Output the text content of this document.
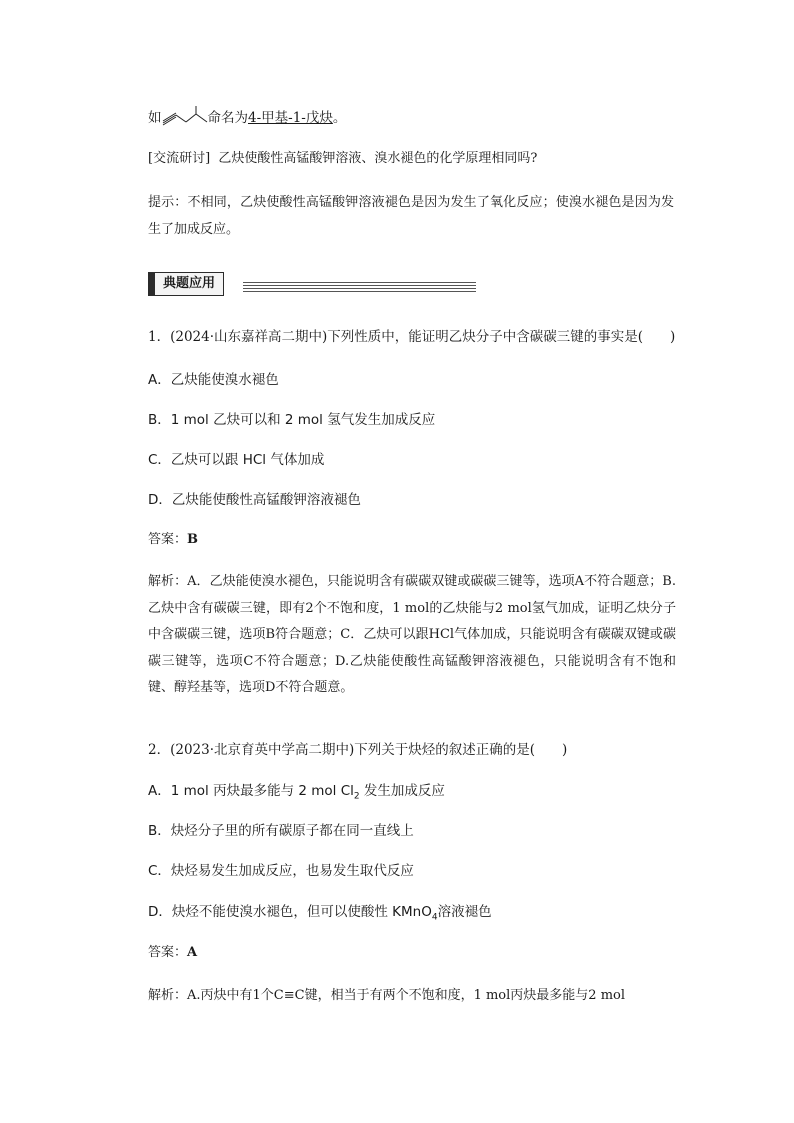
如	命名为4-甲基-1-戊炔。
[交流研讨] 乙炔使酸性高锰酸钾溶液、溴水褪色的化学原理相同吗?
提示：不相同，乙炔使酸性高锰酸钾溶液褪色是因为发生了氧化反应；使溴水褪色是因为发生了加成反应。
典题应用
1．(2024·山东嘉祥高二期中)下列性质中，能证明乙炔分子中含碳碳三键的事实是(　　)
A．乙炔能使溴水褪色
B．1 mol 乙炔可以和 2 mol 氢气发生加成反应
C．乙炔可以跟 HCl 气体加成
D．乙炔能使酸性高锰酸钾溶液褪色
答案：B
解析：A．乙炔能使溴水褪色，只能说明含有碳碳双键或碳碳三键等，选项A不符合题意；B.乙炔中含有碳碳三键，即有2个不饱和度，1 mol的乙炔能与2 mol氢气加成，证明乙炔分子中含碳碳三键，选项B符合题意；C．乙炔可以跟HCl气体加成，只能说明含有碳碳双键或碳碳三键等，选项C不符合题意；D.乙炔能使酸性高锰酸钾溶液褪色，只能说明含有不饱和键、醇羟基等，选项D不符合题意。
2．(2023·北京育英中学高二期中)下列关于炔烃的叙述正确的是(　　)
A．1 mol 丙炔最多能与 2 mol $Cl_2$ 发生加成反应
B．炔烃分子里的所有碳原子都在同一直线上
C．炔烃易发生加成反应，也易发生取代反应
D．炔烃不能使溴水褪色，但可以使酸性 KMnO$_4$溶液褪色
答案：A
解析：A.丙炔中有1个C≡C键，相当于有两个不饱和度，1 mol丙炔最多能与2 mol
